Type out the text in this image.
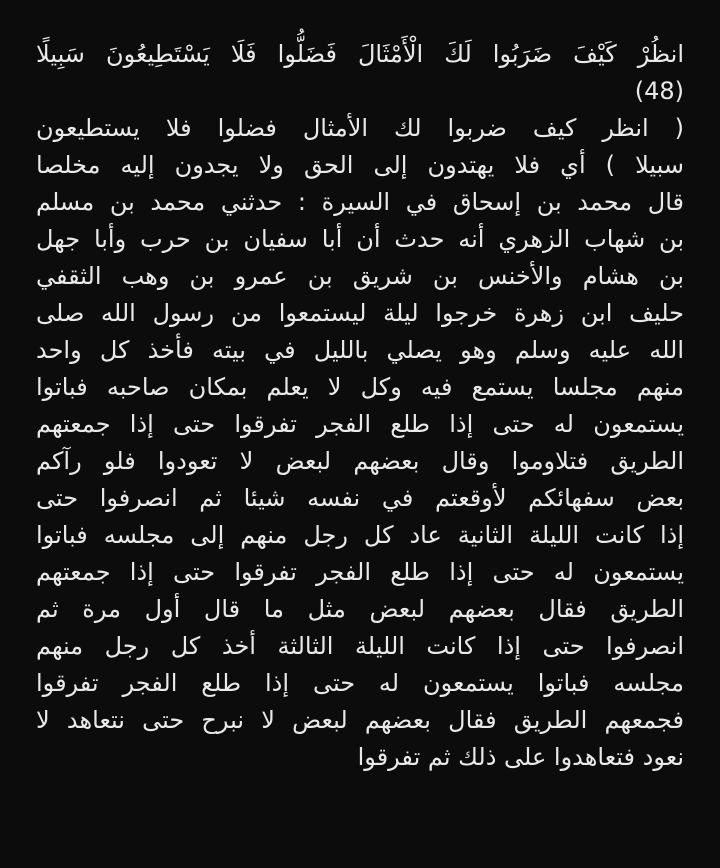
انظُرْ كَيْفَ ضَرَبُوا لَكَ الْأَمْثَالَ فَضَلُّوا فَلَا يَسْتَطِيعُونَ سَبِيلًا
(48)
( انظر كيف ضربوا لك الأمثال فضلوا فلا يستطيعون
سبيلا ) أي فلا يهتدون إلى الحق ولا يجدون إليه مخلصا
قال محمد بن إسحاق في السيرة : حدثني محمد بن مسلم
بن شهاب الزهري أنه حدث أن أبا سفيان بن حرب وأبا جهل
بن هشام والأخنس بن شريق بن عمرو بن وهب الثقفي
حليف ابن زهرة خرجوا ليلة ليستمعوا من رسول الله صلى
الله عليه وسلم وهو يصلي بالليل في بيته فأخذ كل واحد
منهم مجلسا يستمع فيه وكل لا يعلم بمكان صاحبه فباتوا
يستمعون له حتى إذا طلع الفجر تفرقوا حتى إذا جمعتهم
الطريق فتلاوموا وقال بعضهم لبعض لا تعودوا فلو رآكم
بعض سفهائكم لأوقعتم في نفسه شيئا ثم انصرفوا حتى
إذا كانت الليلة الثانية عاد كل رجل منهم إلى مجلسه فباتوا
يستمعون له حتى إذا طلع الفجر تفرقوا حتى إذا جمعتهم
الطريق فقال بعضهم لبعض مثل ما قال أول مرة ثم
انصرفوا حتى إذا كانت الليلة الثالثة أخذ كل رجل منهم
مجلسه فباتوا يستمعون له حتى إذا طلع الفجر تفرقوا
فجمعهم الطريق فقال بعضهم لبعض لا نبرح حتى نتعاهد لا
نعود فتعاهدوا على ذلك ثم تفرقوا
